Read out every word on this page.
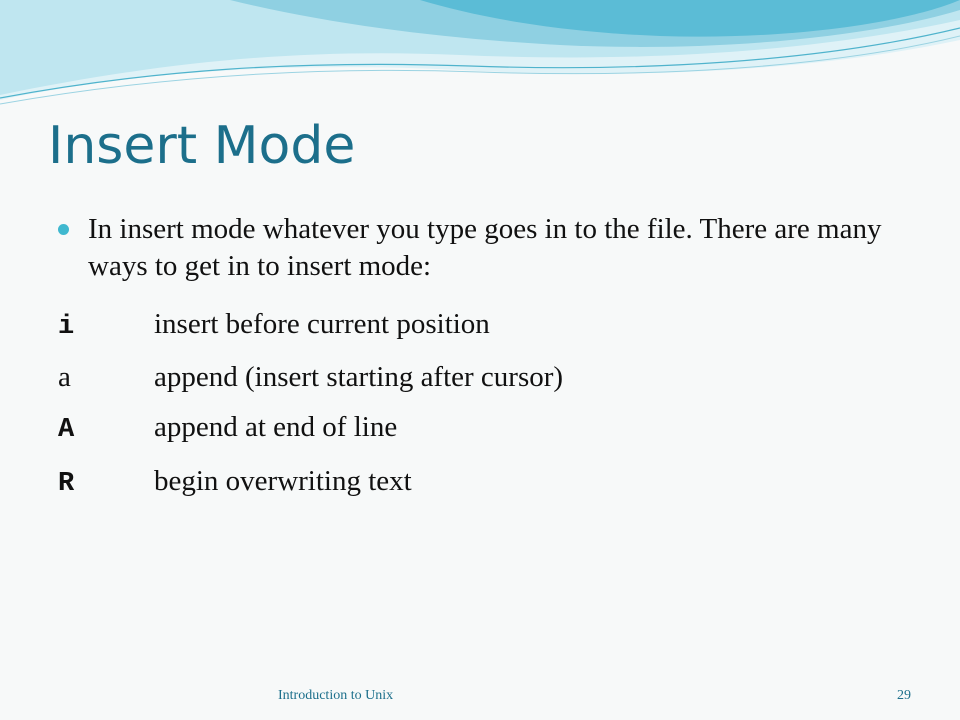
Insert Mode
In insert mode whatever you type goes in to the file. There are many ways to get in to insert mode:
i	insert before current position
a	append (insert starting after cursor)
A	append at end of line
R	begin overwriting text
Introduction to Unix	29
